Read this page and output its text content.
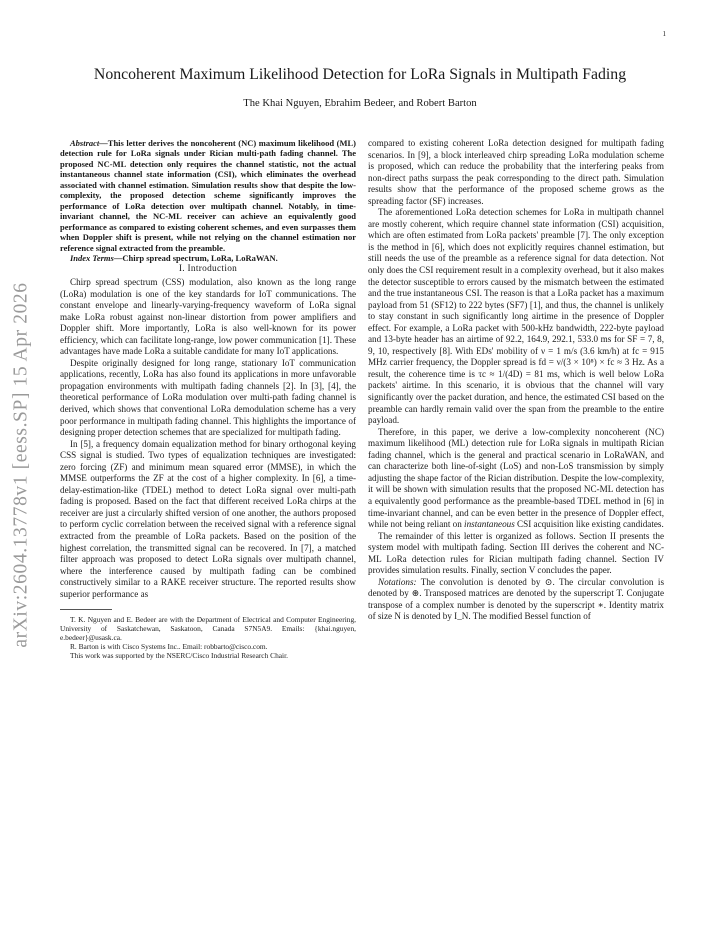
1
arXiv:2604.13778v1 [eess.SP] 15 Apr 2026
Noncoherent Maximum Likelihood Detection for LoRa Signals in Multipath Fading

The Khai Nguyen, Ebrahim Bedeer, and Robert Barton

Abstract—This letter derives the noncoherent (NC) maximum likelihood (ML) detection rule for LoRa signals under Rician multi-path fading channel. The proposed NC-ML detection only requires the channel statistic, not the actual instantaneous channel state information (CSI), which eliminates the overhead associated with channel estimation. Simulation results show that despite the low-complexity, the proposed detection scheme significantly improves the performance of LoRa detection over multipath channel. Notably, in time-invariant channel, the NC-ML receiver can achieve an equivalently good performance as compared to existing coherent schemes, and even surpasses them when Doppler shift is present, while not relying on the channel estimation nor reference signal extracted from the preamble.

Index Terms—Chirp spread spectrum, LoRa, LoRaWAN.

I. Introduction

Chirp spread spectrum (CSS) modulation, also known as the long range (LoRa) modulation is one of the key standards for IoT communications. The constant envelope and linearly-varying-frequency waveform of LoRa signal make LoRa robust against non-linear distortion from power amplifiers and Doppler shift. More importantly, LoRa is also well-known for its power efficiency, which can facilitate long-range, low power communication [1]. These advantages have made LoRa a suitable candidate for many IoT applications.

Despite originally designed for long range, stationary IoT communication applications, recently, LoRa has also found its applications in more unfavorable propagation environments with multipath fading channels [2]. In [3], [4], the theoretical performance of LoRa modulation over multi-path fading channel is derived, which shows that conventional LoRa demodulation scheme has a very poor performance in multipath fading channel. This highlights the importance of designing proper detection schemes that are specialized for multipath fading.

In [5], a frequency domain equalization method for binary orthogonal keying CSS signal is studied. Two types of equalization techniques are investigated: zero forcing (ZF) and minimum mean squared error (MMSE), in which the MMSE outperforms the ZF at the cost of a higher complexity. In [6], a time-delay-estimation-like (TDEL) method to detect LoRa signal over multi-path fading is proposed. Based on the fact that different received LoRa chirps at the receiver are just a circularly shifted version of one another, the authors proposed to perform cyclic correlation between the received signal with a reference signal extracted from the preamble of LoRa packets. Based on the position of the highest correlation, the transmitted signal can be recovered. In [7], a matched filter approach was proposed to detect LoRa signals over multipath channel, where the interference caused by multipath fading can be combined constructively similar to a RAKE receiver structure. The reported results show superior performance as

T. K. Nguyen and E. Bedeer are with the Department of Electrical and Computer Engineering, University of Saskatchewan, Saskatoon, Canada S7N5A9. Emails: {khai.nguyen, e.bedeer}@usask.ca.

R. Barton is with Cisco Systems Inc.. Email: robbarto@cisco.com.

This work was supported by the NSERC/Cisco Industrial Research Chair.

compared to existing coherent LoRa detection designed for multipath fading scenarios. In [9], a block interleaved chirp spreading LoRa modulation scheme is proposed, which can reduce the probability that the interfering peaks from non-direct paths surpass the peak corresponding to the direct path. Simulation results show that the performance of the proposed scheme grows as the spreading factor (SF) increases.

The aforementioned LoRa detection schemes for LoRa in multipath channel are mostly coherent, which require channel state information (CSI) acquisition, which are often estimated from LoRa packets' preamble [7]. The only exception is the method in [6], which does not explicitly requires channel estimation, but still needs the use of the preamble as a reference signal for data detection. Not only does the CSI requirement result in a complexity overhead, but it also makes the detector susceptible to errors caused by the mismatch between the estimated and the true instantaneous CSI. The reason is that a LoRa packet has a maximum payload from 51 (SF12) to 222 bytes (SF7) [1], and thus, the channel is unlikely to stay constant in such significantly long airtime in the presence of Doppler effect. For example, a LoRa packet with 500-kHz bandwidth, 222-byte payload and 13-byte header has an airtime of 92.2, 164.9, 292.1, 533.0 ms for SF = 7, 8, 9, 10, respectively [8]. With EDs' mobility of ν = 1 m/s (3.6 km/h) at fc = 915 MHz carrier frequency, the Doppler spread is fd = ν/(3 × 10⁸) × fc ≈ 3 Hz. As a result, the coherence time is τc ≈ 1/(4D) = 81 ms, which is well below LoRa packets' airtime. In this scenario, it is obvious that the channel will vary significantly over the packet duration, and hence, the estimated CSI based on the preamble can hardly remain valid over the span from the preamble to the entire payload.

Therefore, in this paper, we derive a low-complexity noncoherent (NC) maximum likelihood (ML) detection rule for LoRa signals in multipath Rician fading channel, which is the general and practical scenario in LoRaWAN, and can characterize both line-of-sight (LoS) and non-LoS transmission by simply adjusting the shape factor of the Rician distribution. Despite the low-complexity, it will be shown with simulation results that the proposed NC-ML detection has a equivalently good performance as the preamble-based TDEL method in [6] in time-invariant channel, and can be even better in the presence of Doppler effect, while not being reliant on instantaneous CSI acquisition like existing candidates.

The remainder of this letter is organized as follows. Section II presents the system model with multipath fading. Section III derives the coherent and NC-ML LoRa detection rules for Rician multipath fading channel. Section IV provides simulation results. Finally, section V concludes the paper.

Notations: The convolution is denoted by ⊙. The circular convolution is denoted by ⊛. Transposed matrices are denoted by the superscript T. Conjugate transpose of a complex number is denoted by the superscript ∗. Identity matrix of size N is denoted by I_N. The modified Bessel function of
